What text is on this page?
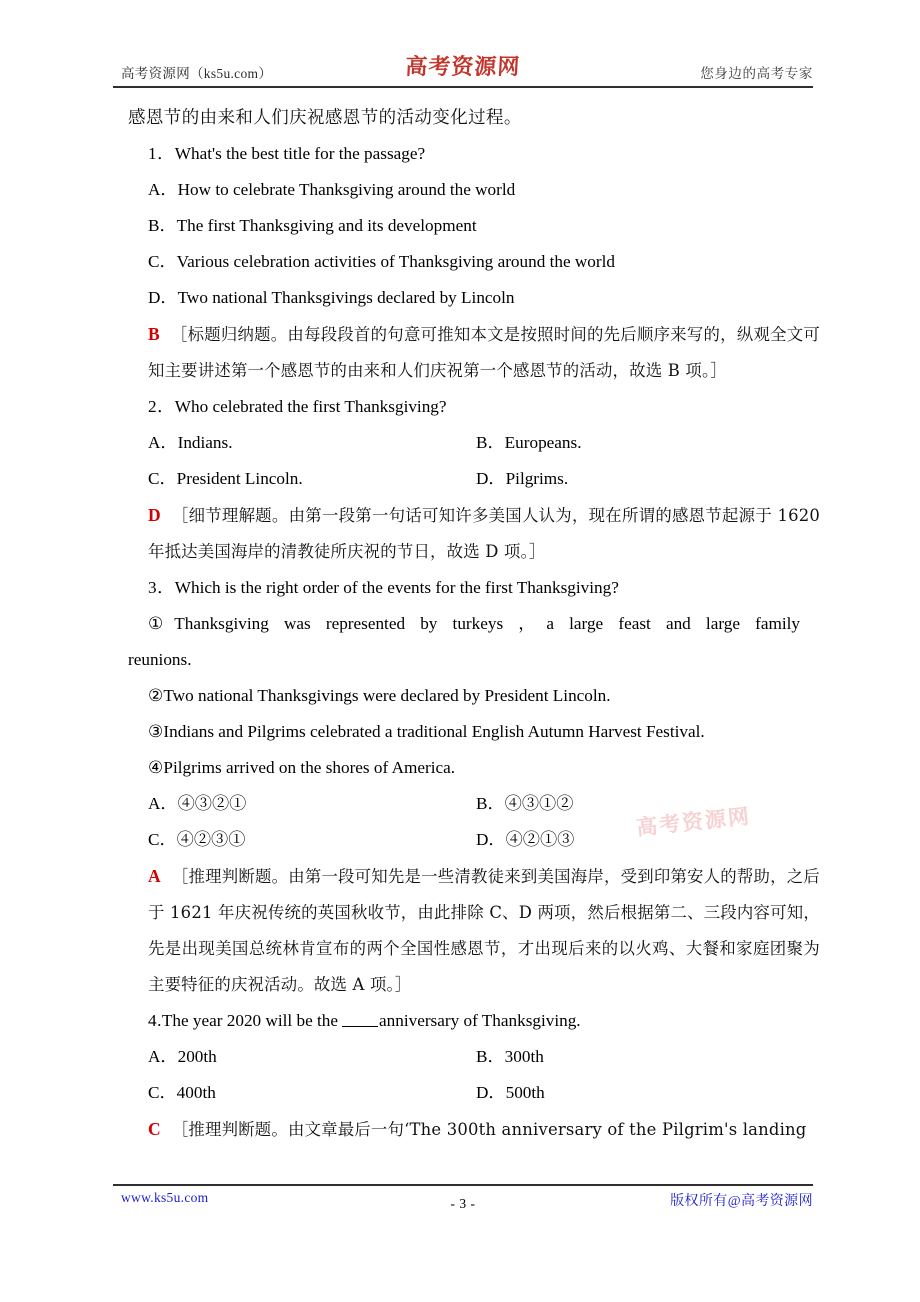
高考资源网（ks5u.com）	高考资源网	您身边的高考专家
感恩节的由来和人们庆祝感恩节的活动变化过程。
1．What's the best title for the passage?
A．How to celebrate Thanksgiving around the world
B．The first Thanksgiving and its development
C．Various celebration activities of Thanksgiving around the world
D．Two national Thanksgivings declared by Lincoln
B ［标题归纳题。由每段段首的句意可推知本文是按照时间的先后顺序来写的，纵观全文可知主要讲述第一个感恩节的由来和人们庆祝第一个感恩节的活动，故选 B 项。］
2．Who celebrated the first Thanksgiving?
A．Indians.	B．Europeans.
C．President Lincoln.	D．Pilgrims.
D ［细节理解题。由第一段第一句话可知许多美国人认为，现在所谓的感恩节起源于 1620 年抵达美国海岸的清教徒所庆祝的节日，故选 D 项。］
3．Which is the right order of the events for the first Thanksgiving?
①Thanksgiving was represented by turkeys ，a large feast and large family
reunions.
②Two national Thanksgivings were declared by President Lincoln.
③Indians and Pilgrims celebrated a traditional English Autumn Harvest Festival.
④Pilgrims arrived on the shores of America.
A．④③②①	B．④③①②
C．④②③①	D．④②①③
A ［推理判断题。由第一段可知先是一些清教徒来到美国海岸，受到印第安人的帮助，之后于 1621 年庆祝传统的英国秋收节，由此排除 C、D 两项，然后根据第二、三段内容可知，先是出现美国总统林肯宣布的两个全国性感恩节，才出现后来的以火鸡、大餐和家庭团聚为主要特征的庆祝活动。故选 A 项。］
4.The year 2020 will be the anniversary of Thanksgiving.
A．200th	B．300th
C．400th	D．500th
C ［推理判断题。由文章最后一句‘The 300th anniversary of the Pilgrim's landing
高考资源网
www.ks5u.com	- 3 -	版权所有@高考资源网
